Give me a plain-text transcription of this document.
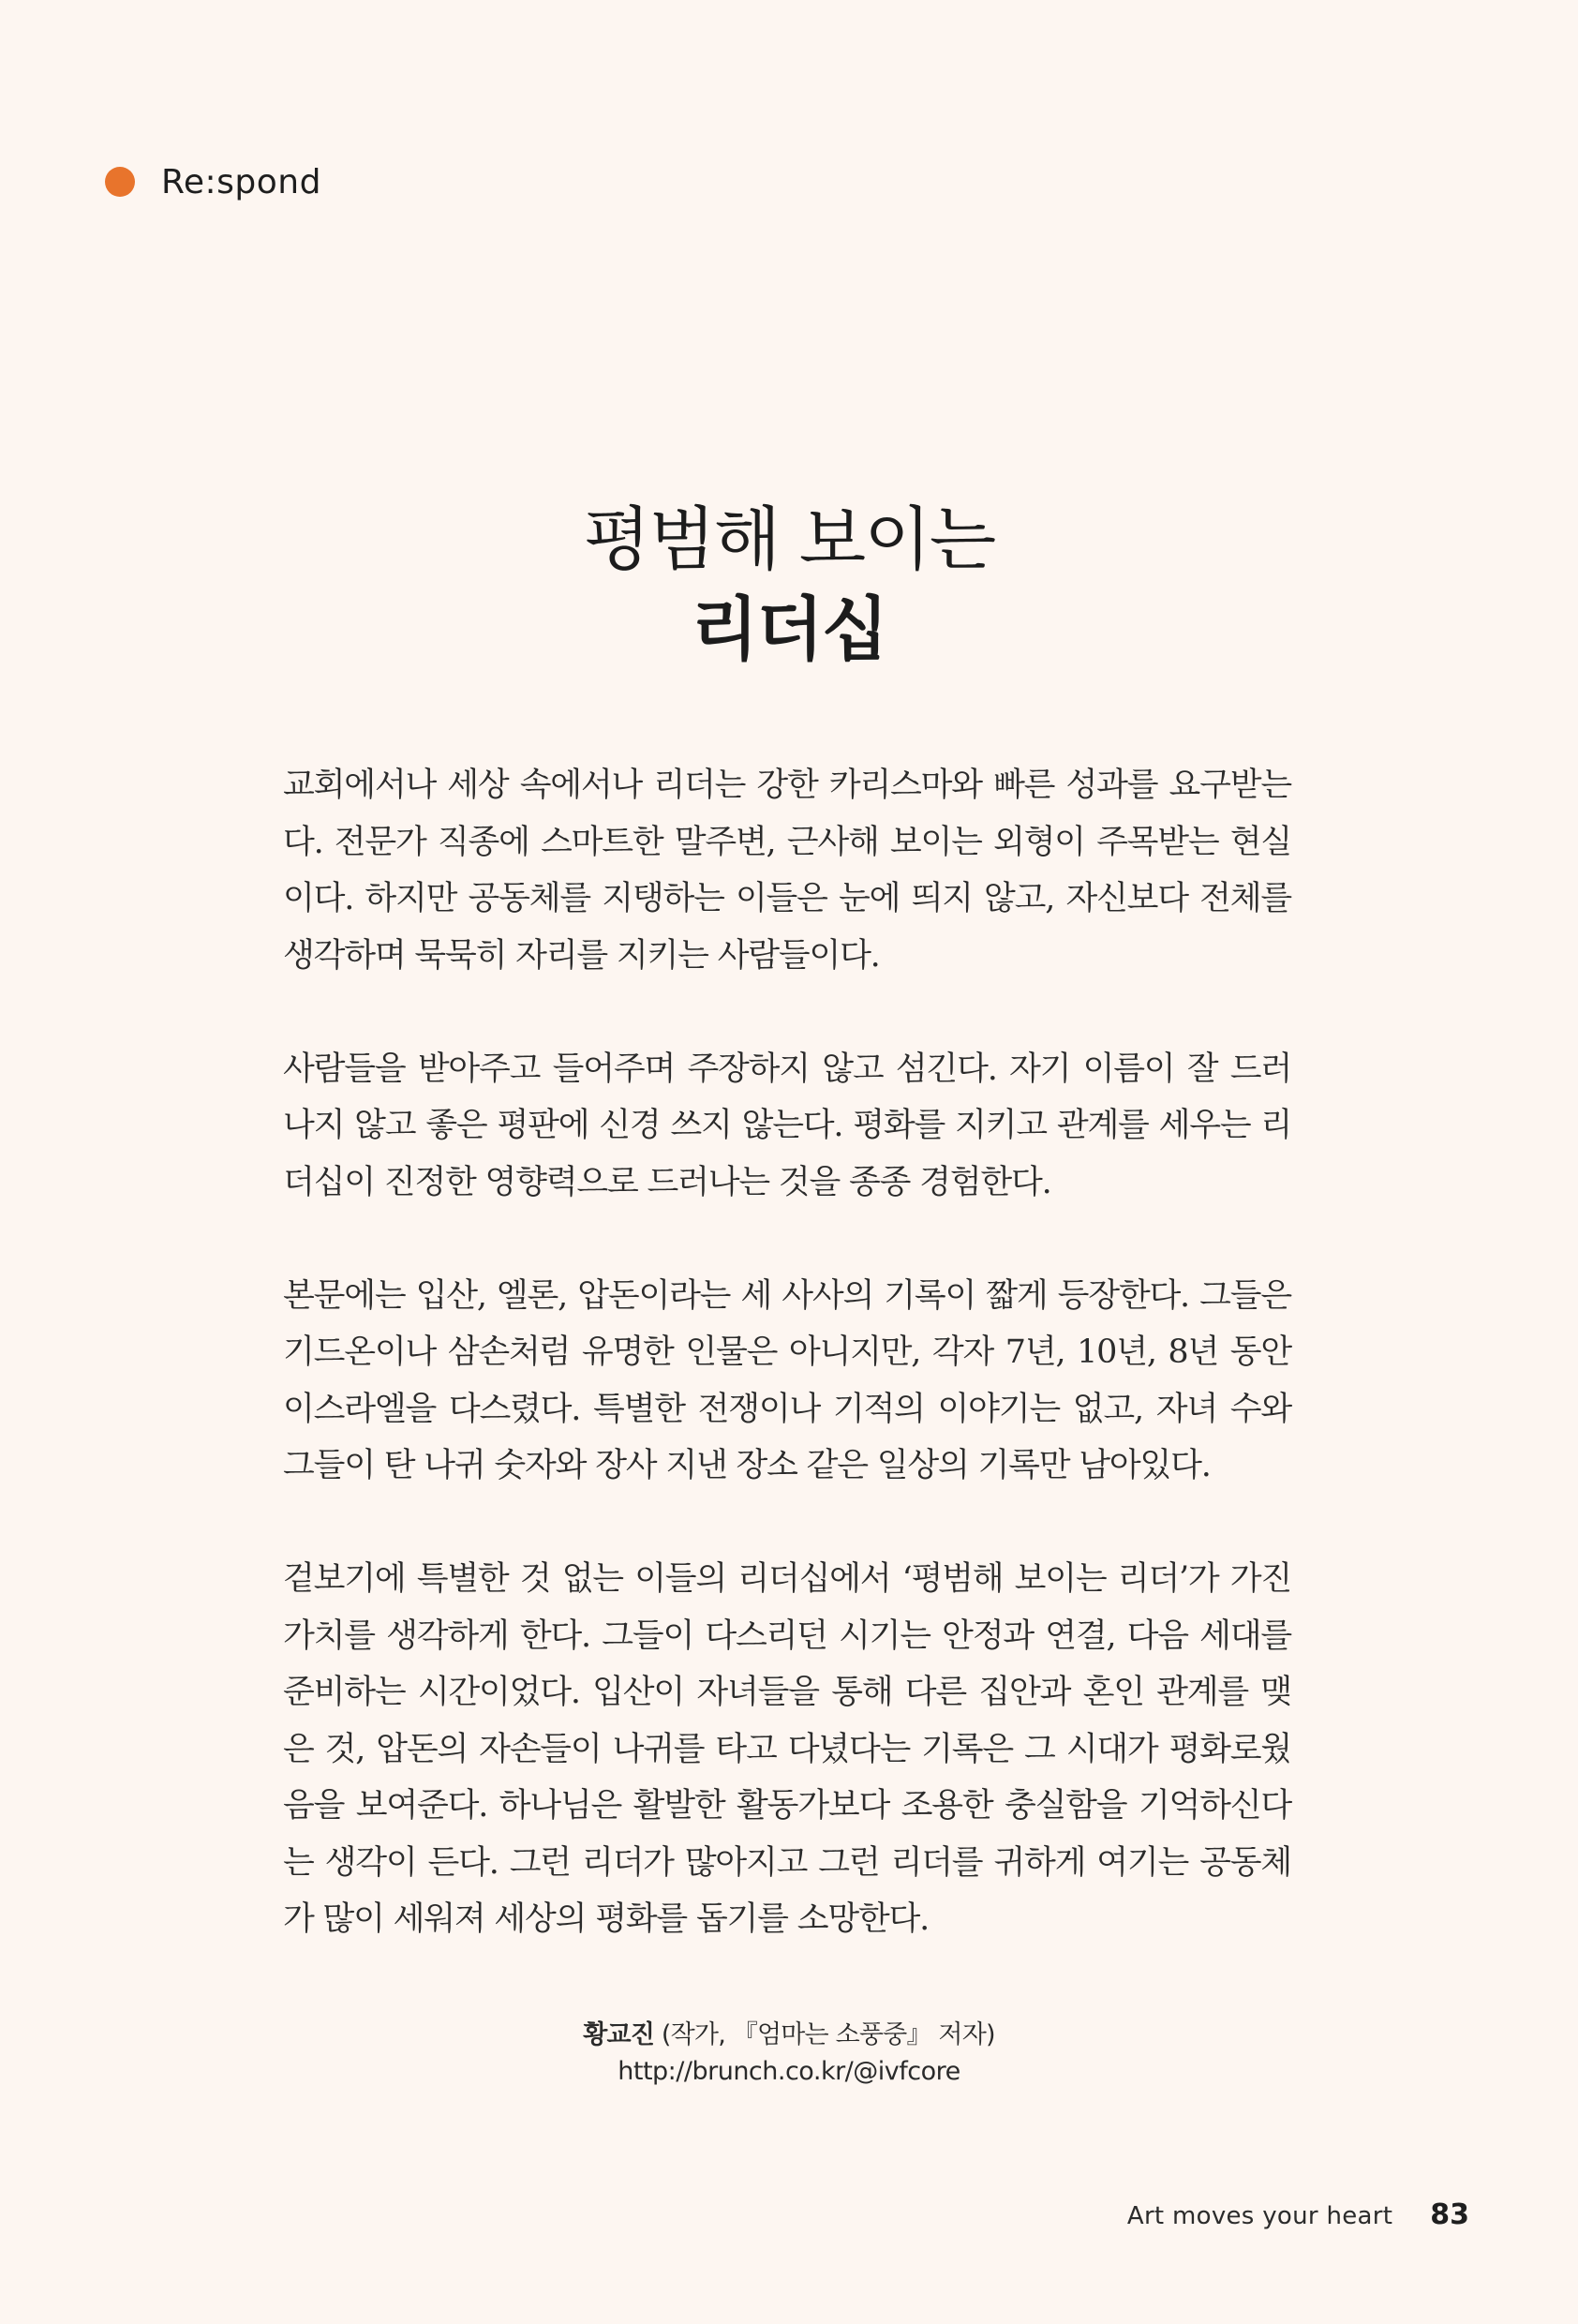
Re:spond
평범해 보이는
리더십

교회에서나 세상 속에서나 리더는 강한 카리스마와 빠른 성과를 요구받는다. 전문가 직종에 스마트한 말주변, 근사해 보이는 외형이 주목받는 현실이다. 하지만 공동체를 지탱하는 이들은 눈에 띄지 않고, 자신보다 전체를 생각하며 묵묵히 자리를 지키는 사람들이다.

사람들을 받아주고 들어주며 주장하지 않고 섬긴다. 자기 이름이 잘 드러나지 않고 좋은 평판에 신경 쓰지 않는다. 평화를 지키고 관계를 세우는 리더십이 진정한 영향력으로 드러나는 것을 종종 경험한다.

본문에는 입산, 엘론, 압돈이라는 세 사사의 기록이 짧게 등장한다. 그들은 기드온이나 삼손처럼 유명한 인물은 아니지만, 각자 7년, 10년, 8년 동안 이스라엘을 다스렸다. 특별한 전쟁이나 기적의 이야기는 없고, 자녀 수와 그들이 탄 나귀 숫자와 장사 지낸 장소 같은 일상의 기록만 남아있다.

겉보기에 특별한 것 없는 이들의 리더십에서 ‘평범해 보이는 리더’가 가진 가치를 생각하게 한다. 그들이 다스리던 시기는 안정과 연결, 다음 세대를 준비하는 시간이었다. 입산이 자녀들을 통해 다른 집안과 혼인 관계를 맺은 것, 압돈의 자손들이 나귀를 타고 다녔다는 기록은 그 시대가 평화로웠음을 보여준다. 하나님은 활발한 활동가보다 조용한 충실함을 기억하신다는 생각이 든다. 그런 리더가 많아지고 그런 리더를 귀하게 여기는 공동체가 많이 세워져 세상의 평화를 돕기를 소망한다.

황교진 (작가, 『엄마는 소풍중』 저자)
http://brunch.co.kr/@ivfcore
Art moves your heart 83
